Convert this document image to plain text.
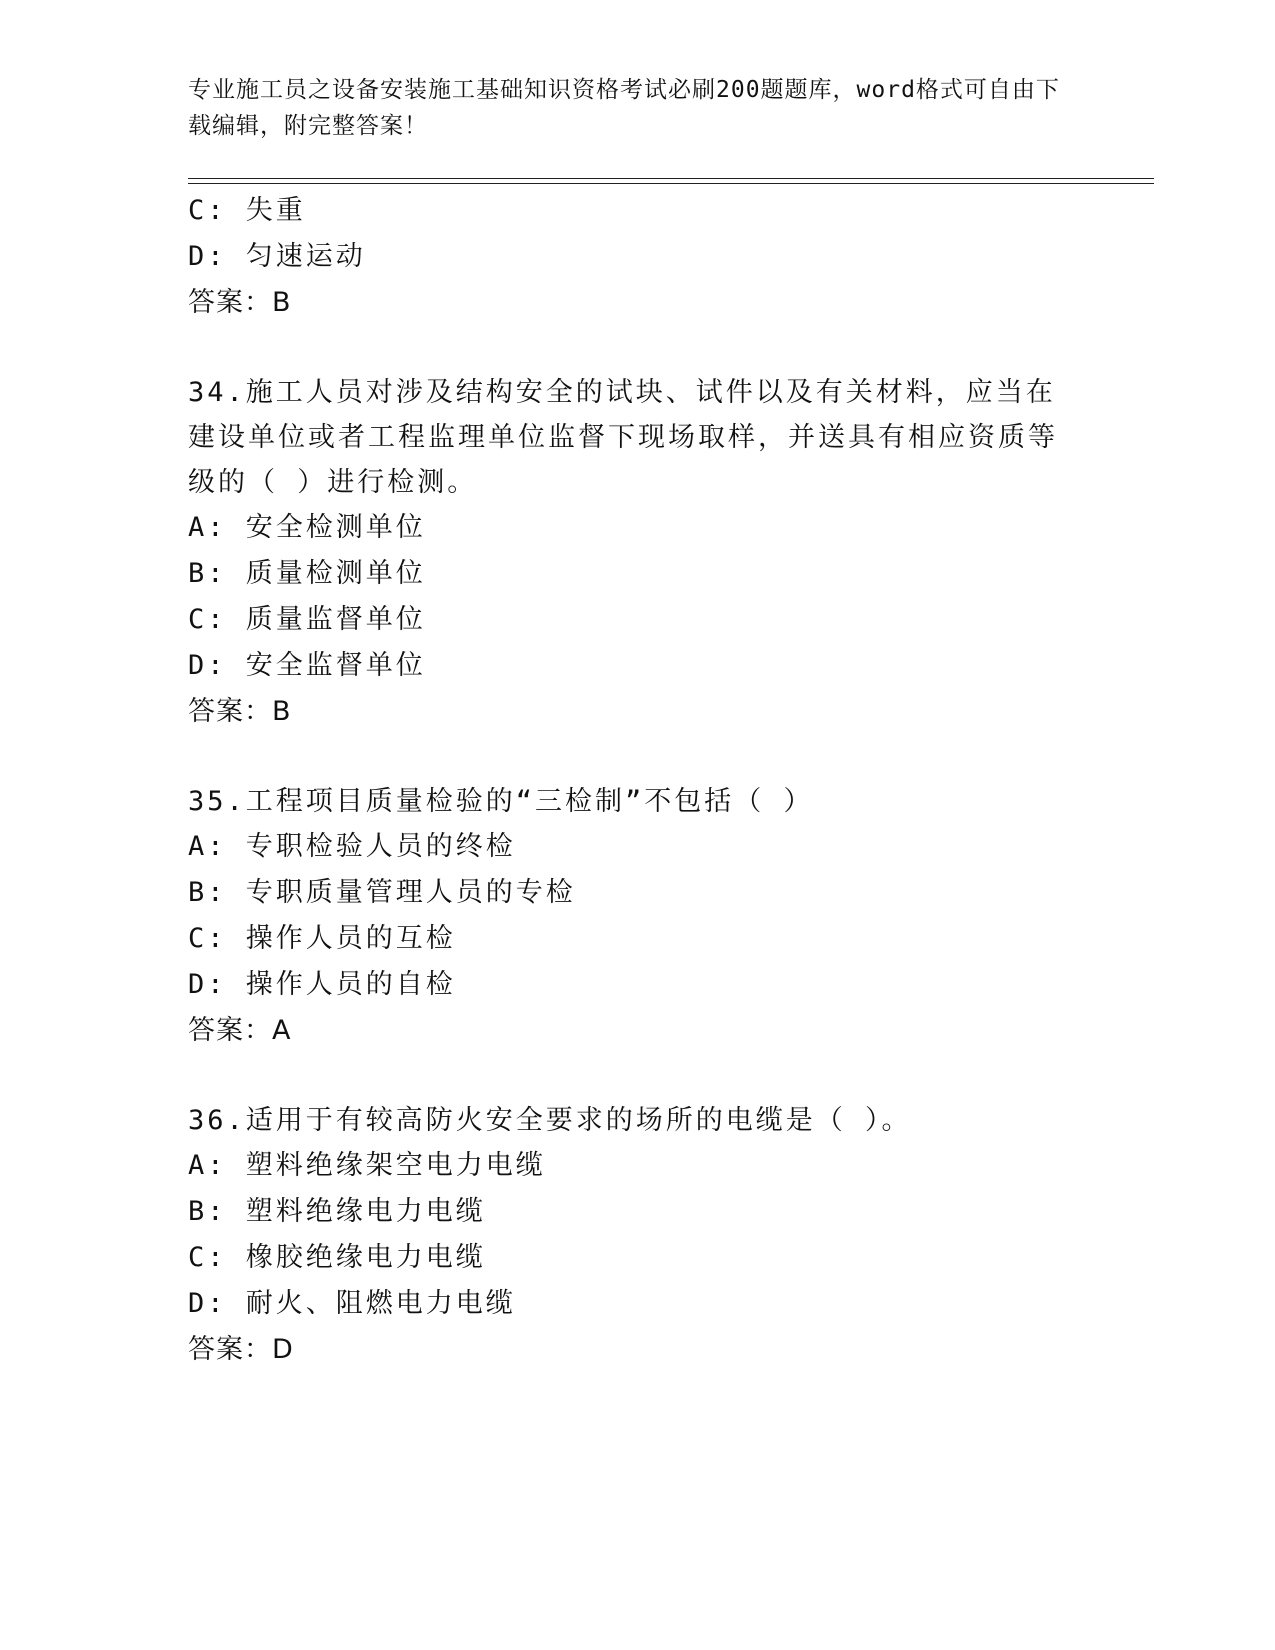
专业施工员之设备安装施工基础知识资格考试必刷200题题库，word格式可自由下载编辑，附完整答案！
C: 失重
D: 匀速运动
答案：B
34.施工人员对涉及结构安全的试块、试件以及有关材料，应当在建设单位或者工程监理单位监督下现场取样，并送具有相应资质等级的（ ）进行检测。
A: 安全检测单位
B: 质量检测单位
C: 质量监督单位
D: 安全监督单位
答案：B
35.工程项目质量检验的“三检制”不包括（ ）
A: 专职检验人员的终检
B: 专职质量管理人员的专检
C: 操作人员的互检
D: 操作人员的自检
答案：A
36.适用于有较高防火安全要求的场所的电缆是（ ）。
A: 塑料绝缘架空电力电缆
B: 塑料绝缘电力电缆
C: 橡胶绝缘电力电缆
D: 耐火、阻燃电力电缆
答案：D
